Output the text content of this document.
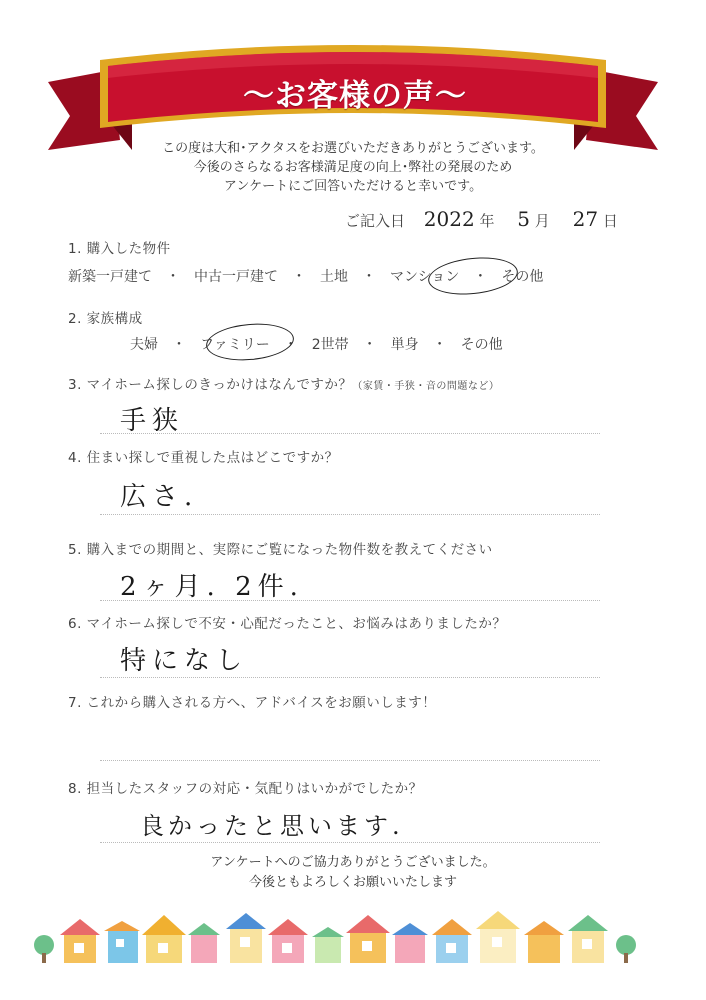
～お客様の声～
この度は大和･アクタスをお選びいただきありがとうございます。
今後のさらなるお客様満足度の向上･弊社の発展のため
アンケートにご回答いただけると幸いです。
ご記入日 2022 年 5 月 27 日
1. 購入した物件
新築一戸建て ・ 中古一戸建て ・ 土地 ・ マンション ・ その他
2. 家族構成
夫婦 ・ ファミリー ・ 2世帯 ・ 単身 ・ その他
3. マイホーム探しのきっかけはなんですか？（家賃・手狭・音の問題など）
手狭
4. 住まい探しで重視した点はどこですか？
広さ.
5. 購入までの期間と、実際にご覧になった物件数を教えてください
2ヶ月. 2件.
6. マイホーム探しで不安・心配だったこと、お悩みはありましたか？
特になし
7. これから購入される方へ、アドバイスをお願いします！
8. 担当したスタッフの対応・気配りはいかがでしたか？
良かったと思います.
アンケートへのご協力ありがとうございました。
今後ともよろしくお願いいたします
